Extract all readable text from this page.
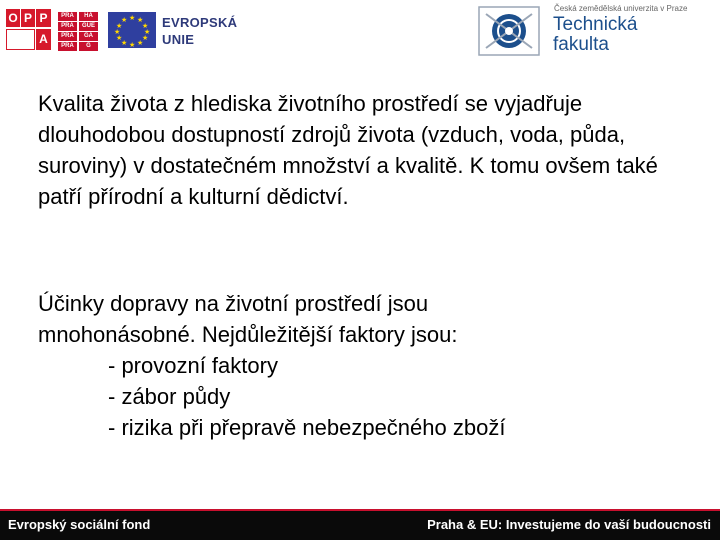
O P P
A
PRA	HA
PRA	GUE
PRA	GA
PRA	G
★ ★
★
★
★
★
★
★
★
★
★
★	EVROPSKÁ
UNIE
Česká zemědělská univerzita v Praze
Technická
fakulta

Kvalita života z hlediska životního prostředí se vyjadřuje dlouhodobou dostupností zdrojů života (vzduch, voda, půda, suroviny) v dostatečném množství a kvalitě. K tomu ovšem také patří přírodní a kulturní dědictví.

Účinky dopravy na životní prostředí jsou
mnohonásobné. Nejdůležitější faktory jsou:
- provozní faktory
- zábor půdy
- rizika při přepravě nebezpečného zboží
Evropský sociální fond	Praha & EU: Investujeme do vaší budoucnosti
